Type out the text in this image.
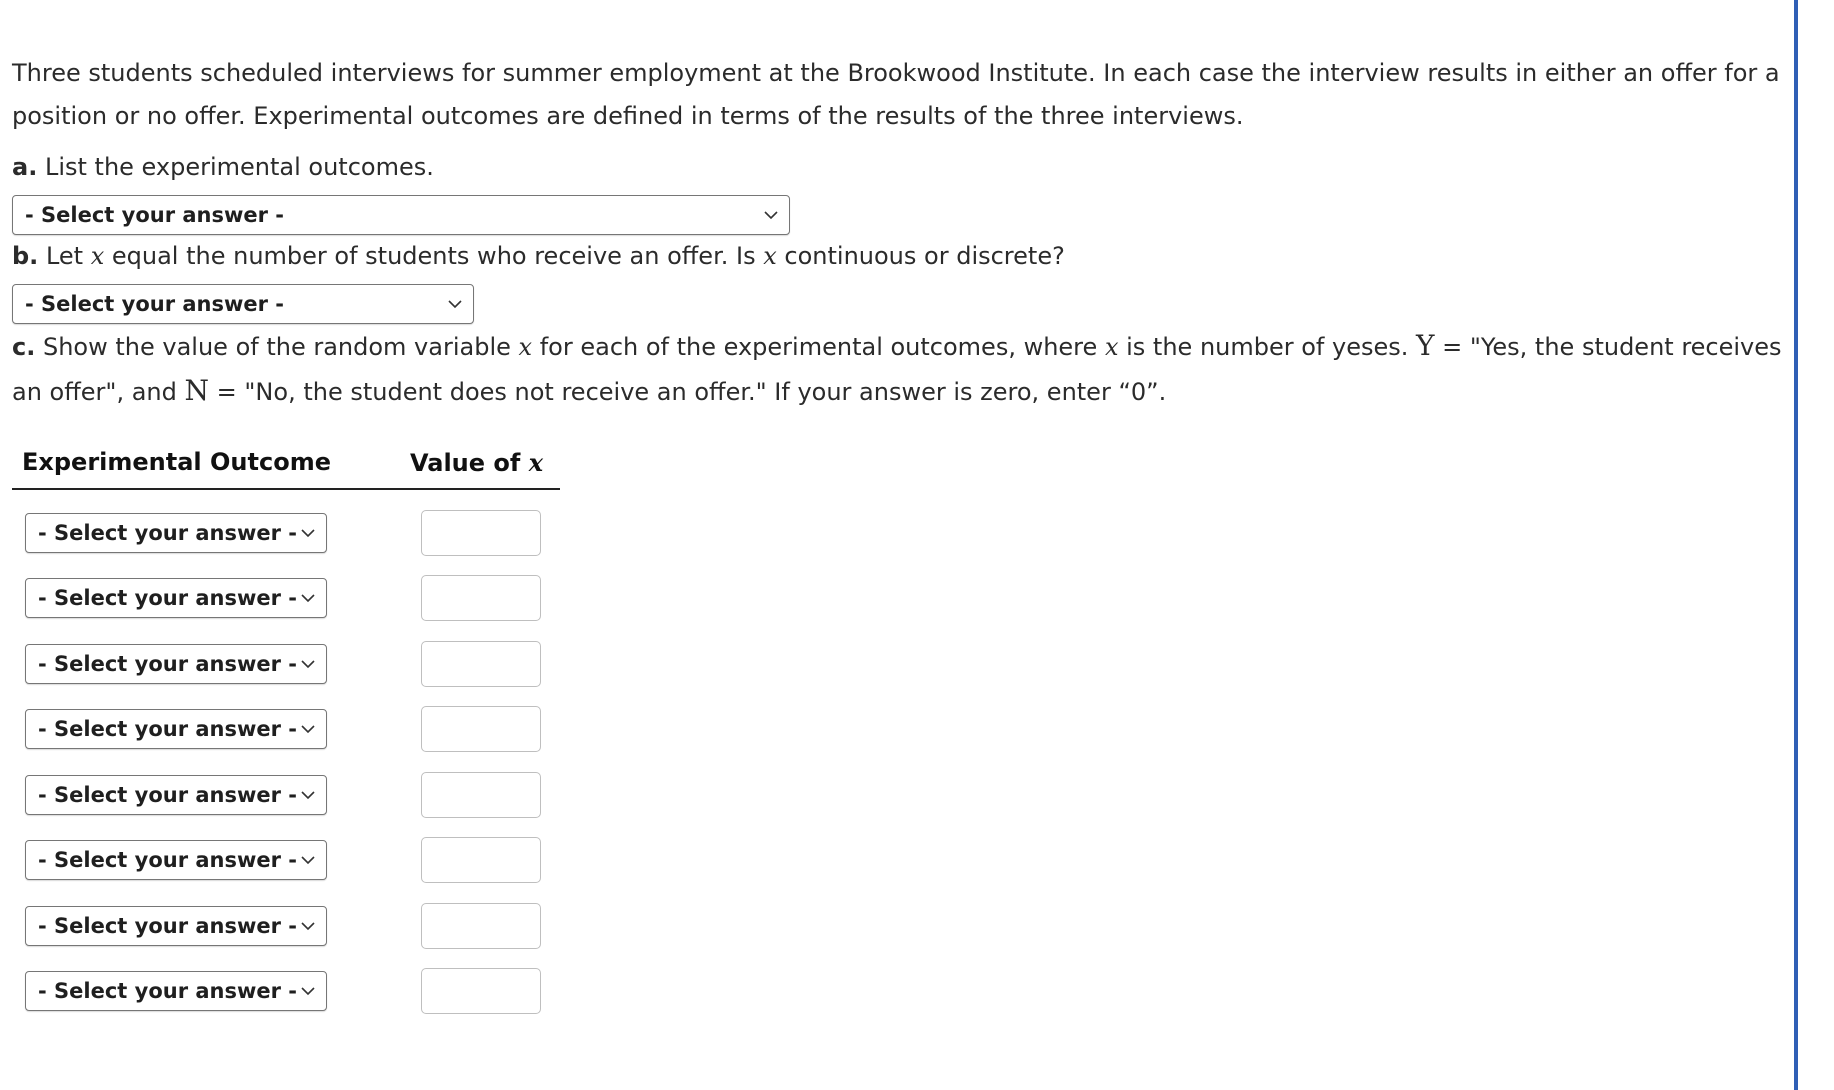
Three students scheduled interviews for summer employment at the Brookwood Institute. In each case the interview results in either an offer for a position or no offer. Experimental outcomes are defined in terms of the results of the three interviews.

a. List the experimental outcomes.

- Select your answer -

b. Let x equal the number of students who receive an offer. Is x continuous or discrete?

- Select your answer -

c. Show the value of the random variable x for each of the experimental outcomes, where x is the number of yeses. Y = "Yes, the student receives an offer", and N = "No, the student does not receive an offer." If your answer is zero, enter “0”.

Experimental Outcome	Value of x
- Select your answer -
- Select your answer -
- Select your answer -
- Select your answer -
- Select your answer -
- Select your answer -
- Select your answer -
- Select your answer -
